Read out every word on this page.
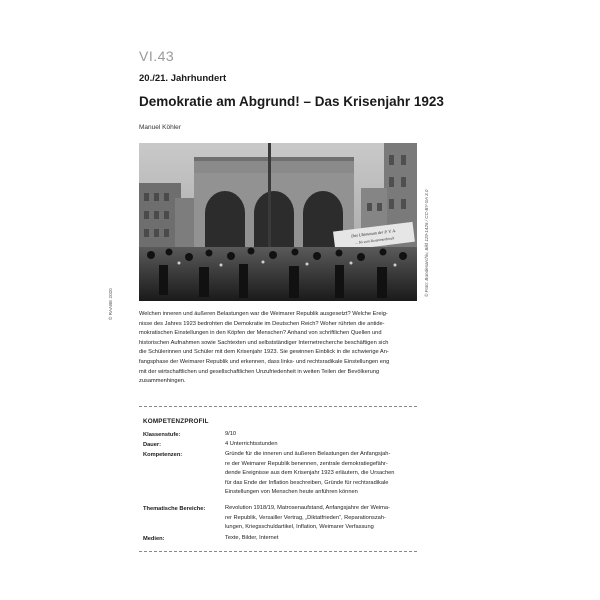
VI.43
20./21. Jahrhundert
Demokratie am Abgrund! – Das Krisenjahr 1923
Manuel Köhler
Das Ultimatum der P. V. A.
… bis zum Zusammenbruch	© Foto: Bundesarchiv, Bild 119-1426 / CC-BY-SA 3.0
© RAABE 2020	Welchen inneren und äußeren Belastungen war die Weimarer Republik ausgesetzt? Welche Ereig-
nisse des Jahres 1923 bedrohten die Demokratie im Deutschen Reich? Woher rührten die antide-
mokratischen Einstellungen in den Köpfen der Menschen? Anhand von schriftlichen Quellen und
historischen Aufnahmen sowie Sachtexten und selbstständiger Internetrecherche beschäftigen sich
die Schülerinnen und Schüler mit dem Krisenjahr 1923. Sie gewinnen Einblick in die schwierige An-
fangsphase der Weimarer Republik und erkennen, dass links- und rechtsradikale Einstellungen eng
mit der wirtschaftlichen und gesellschaftlichen Unzufriedenheit in weiten Teilen der Bevölkerung
zusammenhingen.
KOMPETENZPROFIL
Klassenstufe:	9/10
Dauer:	4 Unterrichtsstunden
Kompetenzen:	Gründe für die inneren und äußeren Belastungen der Anfangsjah-
re der Weimarer Republik benennen, zentrale demokratiegefähr-
dende Ereignisse aus dem Krisenjahr 1923 erläutern, die Ursachen
für das Ende der Inflation beschreiben, Gründe für rechtsradikale
Einstellungen von Menschen heute anführen können
Thematische Bereiche:	Revolution 1918/19, Matrosenaufstand, Anfangsjahre der Weima-
rer Republik, Versailler Vertrag, „Diktatfrieden“, Reparationszah-
lungen, Kriegsschuldartikel, Inflation, Weimarer Verfassung
Medien:	Texte, Bilder, Internet
